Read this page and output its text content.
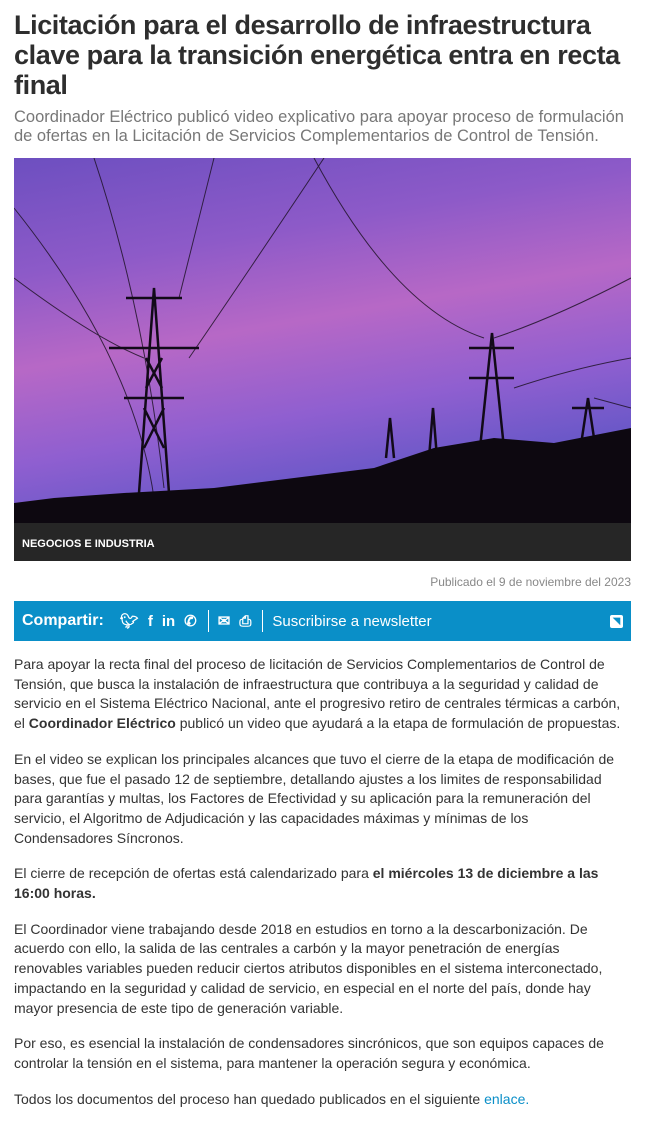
Licitación para el desarrollo de infraestructura clave para la transición energética entra en recta final
Coordinador Eléctrico publicó video explicativo para apoyar proceso de formulación de ofertas en la Licitación de Servicios Complementarios de Control de Tensión.
NEGOCIOS E INDUSTRIA
Publicado el 9 de noviembre del 2023
Compartir: 🐦︎ f in ✆ ✉ ⎙ Suscribirse a newsletter	◥

Para apoyar la recta final del proceso de licitación de Servicios Complementarios de Control de Tensión, que busca la instalación de infraestructura que contribuya a la seguridad y calidad de servicio en el Sistema Eléctrico Nacional, ante el progresivo retiro de centrales térmicas a carbón, el Coordinador Eléctrico publicó un video que ayudará a la etapa de formulación de propuestas.

En el video se explican los principales alcances que tuvo el cierre de la etapa de modificación de bases, que fue el pasado 12 de septiembre, detallando ajustes a los limites de responsabilidad para garantías y multas, los Factores de Efectividad y su aplicación para la remuneración del servicio, el Algoritmo de Adjudicación y las capacidades máximas y mínimas de los Condensadores Síncronos.

El cierre de recepción de ofertas está calendarizado para el miércoles 13 de diciembre a las 16:00 horas.

El Coordinador viene trabajando desde 2018 en estudios en torno a la descarbonización. De acuerdo con ello, la salida de las centrales a carbón y la mayor penetración de energías renovables variables pueden reducir ciertos atributos disponibles en el sistema interconectado, impactando en la seguridad y calidad de servicio, en especial en el norte del país, donde hay mayor presencia de este tipo de generación variable.

Por eso, es esencial la instalación de condensadores sincrónicos, que son equipos capaces de controlar la tensión en el sistema, para mantener la operación segura y económica.

Todos los documentos del proceso han quedado publicados en el siguiente enlace.
